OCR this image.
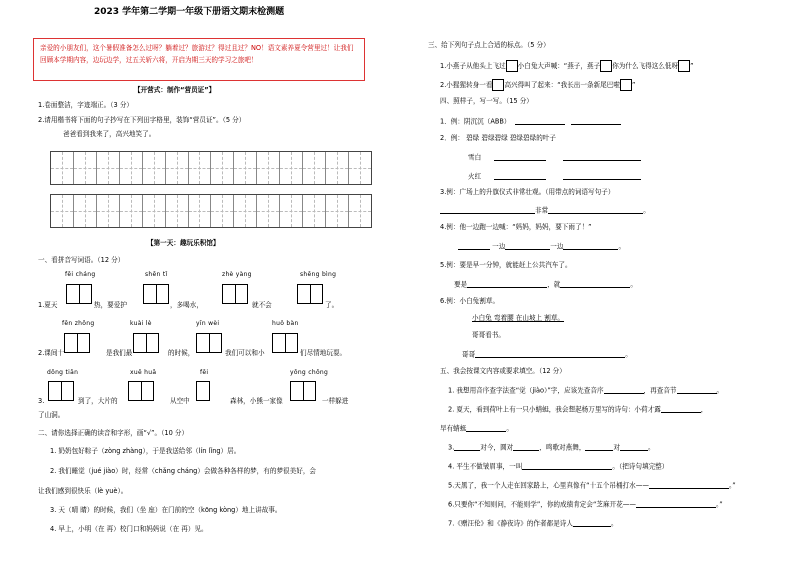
2023 学年第二学期一年级下册语文期末检测题
亲爱的小朋友们，这个暑假准备怎么过呀？躺着过？旅游过？得过且过？NO！语文素养夏令营里过！让我们回顾本学期内容，边玩边学，过五关斩六将，开启为期三天的学习之旅吧！
【开营式：制作“营员证”】
1.卷面整洁，字迹端正。（3 分）
2.请用楷书将下面的句子抄写在下列田字格里，装饰“营员证”。（5 分）
爸爸看到我来了，高兴地笑了。
【第一天：趣玩乐积馆】
一、看拼音写词语。（12 分）
fēi cháng	shēn tǐ	zhè yàng	shēng bìng
1.夏天	热，要爱护	，多喝水，	就不会	了。
fēn zhōng	kuài lè	yīn wèi	huǒ bàn
2.课间十	是我们最	的时候，	我们可以和小	们尽情地玩耍。
dōng tiān	xuě huā	fēi	yōng chōng
3.	到了，大片的	从空中	森林，小熊一家像	一样躲进
了山洞。
二、请你选择正确的读音和字形，画“√”。（10 分）
1. 奶奶包好粽子（zòng zhàng），于是我送给邻（lín lǐng）居。
2. 我们睡觉（jué jiào）时，经常（chǎng cháng）会做各种各样的梦，有的梦很美好，会
让我们感到很快乐（lè yuè）。
3. 天（晴 睛）的时候，我们（坐 座）在门前的空（kōng kòng）地上讲故事。
4. 早上，小明（在 再）校门口和妈妈说（在 再）见。
三、给下列句子点上合适的标点。（5 分）
1.小燕子从他头上飞过 小白兔大声喊：“燕子，燕子 你为什么飞得这么低呀 ”
2.小猩猩转身一看 高兴得叫了起来：“我长出一条新尾巴啦 ”
四、照样子，写一写。（15 分）
1．例：阴沉沉（ABB）
2．例： 碧绿 碧绿碧绿 碧绿碧绿的叶子
雪白
火红
3.例：广场上的升旗仪式非常壮观。（用带点的词语写句子）
非常	。
4.例：他一边跑一边喊：“妈妈，妈妈，要下雨了！”
一边	一边	。
5.例：要是早一分钟，就能赶上公共汽车了。
要是	，就	。
6.例：小白兔割草。
小白兔 弯着腰 在山坡上 割草。
哥哥看书。
哥哥	。
五、我会按课文内容或要求填空。（12 分）
1. 我想用音序查字法查“觉（jiào）”字，应该先查音序	，再查音节	。
2. 夏天，看到荷叶上有一只小蜻蜓，我会想起杨万里写的诗句：小荷才露	，
早有蜻蜓	。
3.	对今，圆对	，鸣歌对燕舞，	对	。
4. 平生不做皱眉事，一叫	。（把诗句填完整）
5.天黑了，我一个人走在回家路上，心里真像有“十五个吊桶打水——	。”
6.只要你“不知则问，不能则学”，你的成绩肯定会“芝麻开花——	。”
7.《赠汪伦》和《静夜诗》的作者都是诗人	。
